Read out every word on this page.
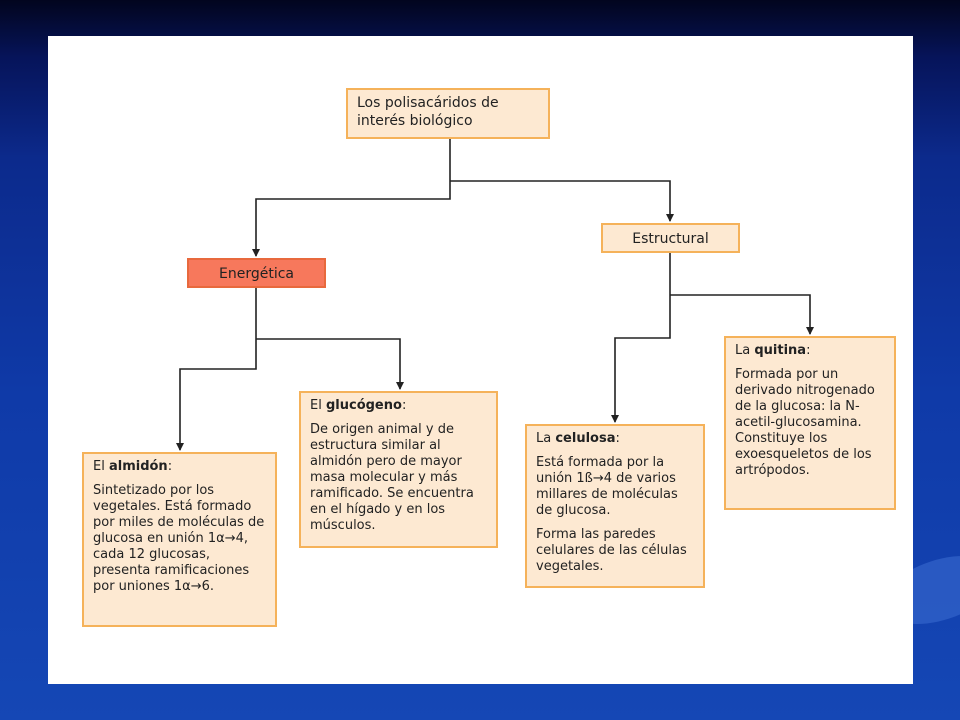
Los polisacáridos de interés biológico
Estructural
Energética

La quitina:

Formada por un derivado nitrogenado de la glucosa: la N-acetil-glucosamina. Constituye los exoesqueletos de los artrópodos.

El glucógeno:

De origen animal y de estructura similar al almidón pero de mayor masa molecular y más ramificado. Se encuentra en el hígado y en los músculos.

La celulosa:

Está formada por la unión 1ß→4 de varios millares de moléculas de glucosa.

Forma las paredes celulares de las células vegetales.

El almidón:

Sintetizado por los vegetales. Está formado por miles de moléculas de glucosa en unión 1α→4, cada 12 glucosas, presenta ramificaciones por uniones 1α→6.
